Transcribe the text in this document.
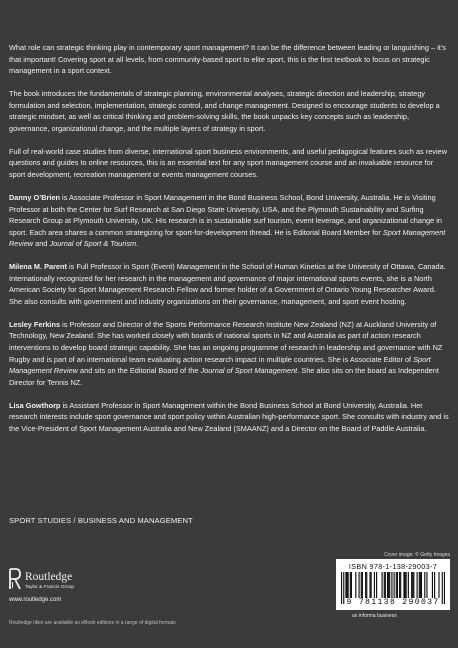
What role can strategic thinking play in contemporary sport management? It can be the difference between leading or languishing – it’s that important! Covering sport at all levels, from community-based sport to elite sport, this is the first textbook to focus on strategic management in a sport context.

The book introduces the fundamentals of strategic planning, environmental analyses, strategic direction and leadership, strategy formulation and selection, implementation, strategic control, and change management. Designed to encourage students to develop a strategic mindset, as well as critical thinking and problem-solving skills, the book unpacks key concepts such as leadership, governance, organizational change, and the multiple layers of strategy in sport.

Full of real-world case studies from diverse, international sport business environments, and useful pedagogical features such as review questions and guides to online resources, this is an essential text for any sport management course and an invaluable resource for sport development, recreation management or events management courses.

Danny O’Brien is Associate Professor in Sport Management in the Bond Business School, Bond University, Australia. He is Visiting Professor at both the Center for Surf Research at San Diego State University, USA, and the Plymouth Sustainability and Surfing Research Group at Plymouth University, UK. His research is in sustainable surf tourism, event leverage, and organizational change in sport. Each area shares a common strategizing for sport-for-development thread. He is Editorial Board Member for Sport Management Review and Journal of Sport & Tourism.

Milena M. Parent is Full Professor in Sport (Event) Management in the School of Human Kinetics at the University of Ottawa, Canada. Internationally recognized for her research in the management and governance of major international sports events, she is a North American Society for Sport Management Research Fellow and former holder of a Government of Ontario Young Researcher Award. She also consults with government and industry organizations on their governance, management, and sport event hosting.

Lesley Ferkins is Professor and Director of the Sports Performance Research Institute New Zealand (NZ) at Auckland University of Technology, New Zealand. She has worked closely with boards of national sports in NZ and Australia as part of action research interventions to develop board strategic capability. She has an ongoing programme of research in leadership and governance with NZ Rugby and is part of an international team evaluating action research impact in multiple countries. She is Associate Editor of Sport Management Review and sits on the Editorial Board of the Journal of Sport Management. She also sits on the board as Independent Director for Tennis NZ.

Lisa Gowthorp is Assistant Professor in Sport Management within the Bond Business School at Bond University, Australia. Her research interests include sport governance and sport policy within Australian high-performance sport. She consults with industry and is the Vice-President of Sport Management Australia and New Zealand (SMAANZ) and a Director on the Board of Paddle Australia.

SPORT STUDIES / BUSINESS AND MANAGEMENT
Cover image: © Getty Images
Routledge
Taylor & Francis Group
www.routledge.com
ISBN 978-1-138-29003-7
9 781138 290037
an informa business
Routledge titles are available as eBook editions in a range of digital formats
